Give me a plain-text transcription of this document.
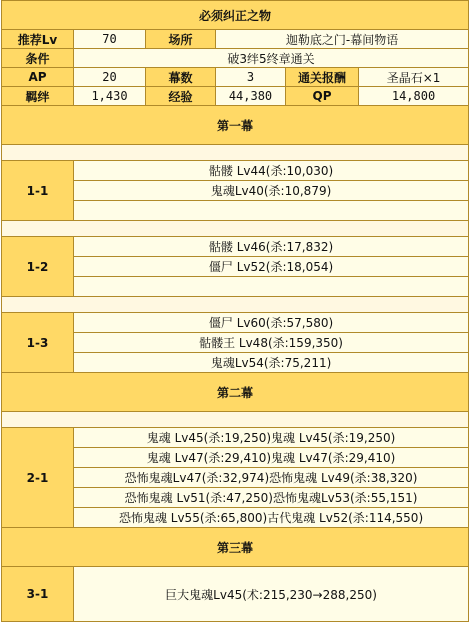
必须纠正之物					
推荐Lv	70	场所	迦勒底之门-幕间物语		
条件	破3绊5终章通关				
AP	20	幕数	3	通关报酬	圣晶石×1
羁绊	1,430	经验	44,380	QP	14,800
第一幕					

1-1	骷髅 Lv44(杀:10,030)				
	鬼魂Lv40(杀:10,879)				

1-2	骷髅 Lv46(杀:17,832)				
	僵尸 Lv52(杀:18,054)				

1-3	僵尸 Lv60(杀:57,580)				
	骷髅王 Lv48(杀:159,350)				
	鬼魂Lv54(杀:75,211)				
第二幕					

2-1	鬼魂 Lv45(杀:19,250)鬼魂 Lv45(杀:19,250)				
	鬼魂 Lv47(杀:29,410)鬼魂 Lv47(杀:29,410)				
	恐怖鬼魂Lv47(杀:32,974)恐怖鬼魂 Lv49(杀:38,320)				
	恐怖鬼魂 Lv51(杀:47,250)恐怖鬼魂Lv53(杀:55,151)				
	恐怖鬼魂 Lv55(杀:65,800)古代鬼魂 Lv52(杀:114,550)				
第三幕					
3-1	巨大鬼魂Lv45(术:215,230→288,250)				
